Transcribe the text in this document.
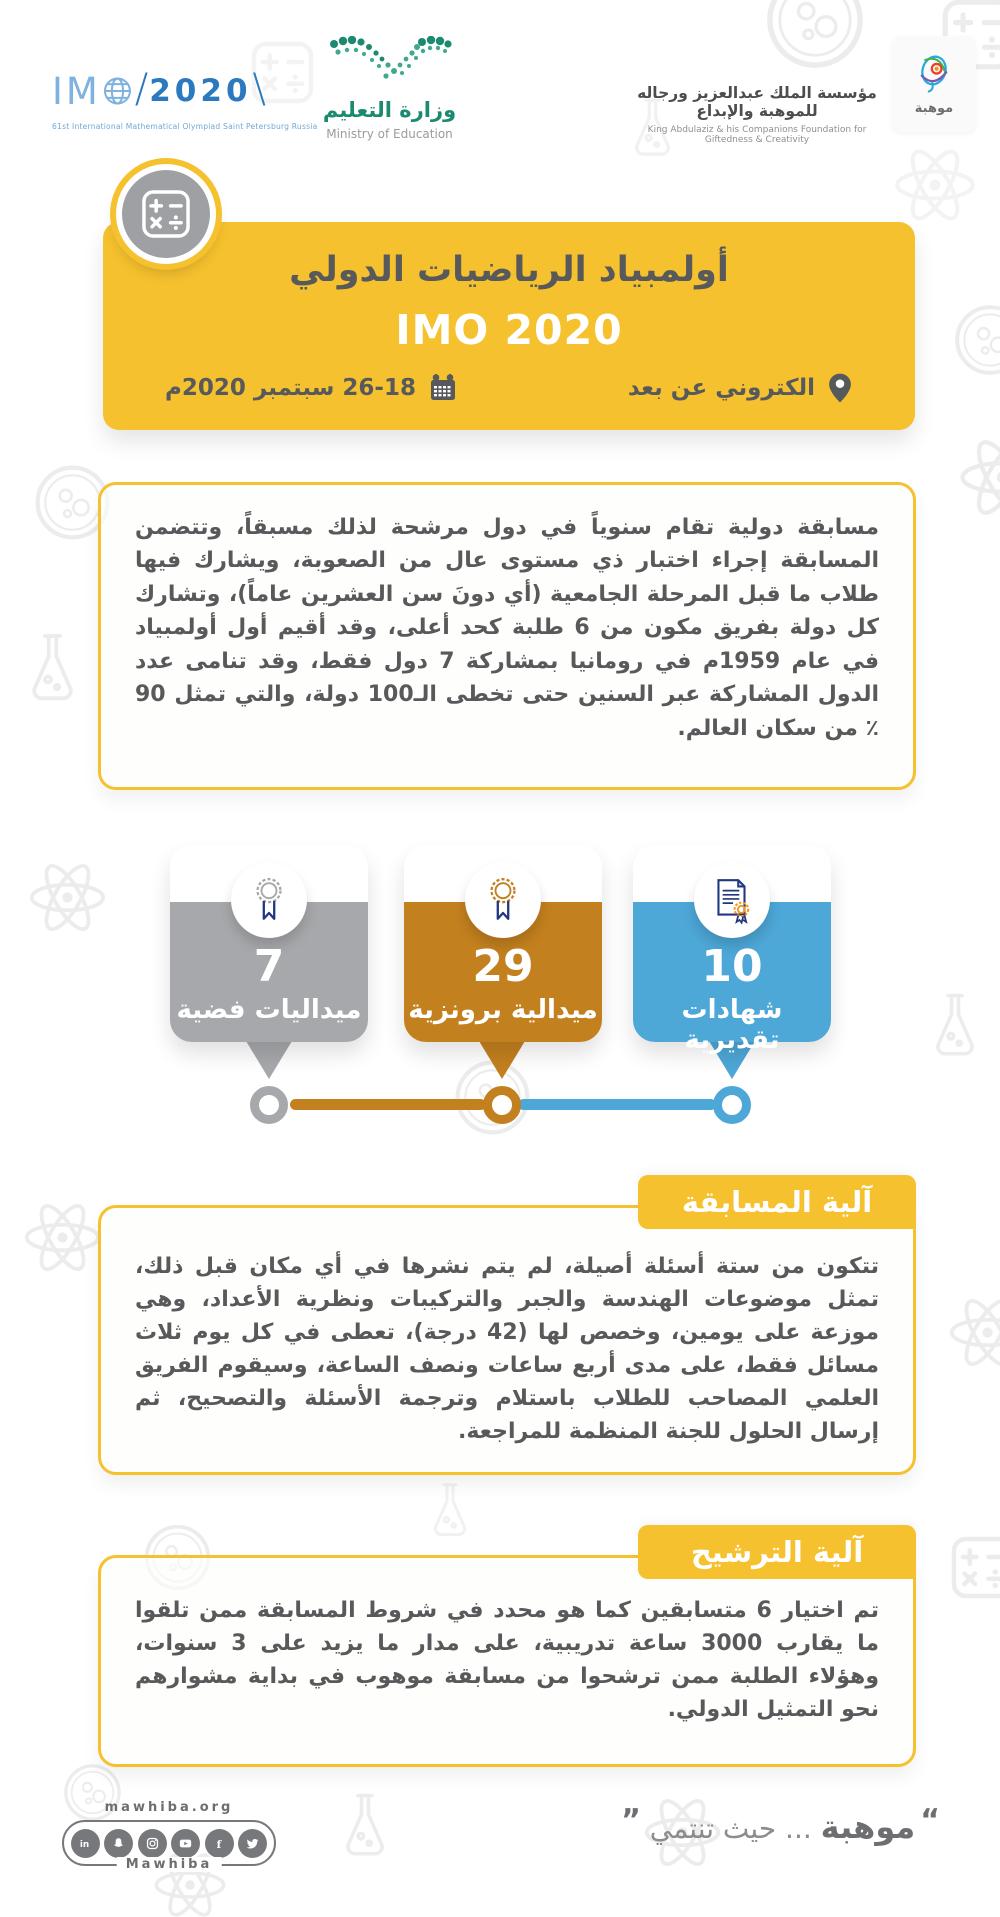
IM / 2020 \
61st International Mathematical Olympiad Saint Petersburg Russia
وزارة التعليم
Ministry of Education
مؤسسة الملك عبدالعزيز ورجاله للموهبة والإبداع
King Abdulaziz & his Companions Foundation for Giftedness & Creativity
موهبة
أولمبياد الرياضيات الدولي
IMO 2020
الكتروني عن بعد
26-18 سبتمبر 2020م
مسابقة دولية تقام سنوياً في دول مرشحة لذلك مسبقاً، وتتضمن المسابقة إجراء اختبار ذي مستوى عال من الصعوبة، ويشارك فيها طلاب ما قبل المرحلة الجامعية (أي دونَ سن العشرين عاماً)، وتشارك كل دولة بفريق مكون من 6 طلبة كحد أعلى، وقد أقيم أول أولمبياد في عام 1959م في رومانيا بمشاركة 7 دول فقط، وقد تنامى عدد الدول المشاركة عبر السنين حتى تخطى الـ100 دولة، والتي تمثل 90 ٪ من سكان العالم.
7
ميداليات فضية
29
ميدالية برونزية
10
شهادات تقديرية
آلية المسابقة
تتكون من ستة أسئلة أصيلة، لم يتم نشرها في أي مكان قبل ذلك، تمثل موضوعات الهندسة والجبر والتركيبات ونظرية الأعداد، وهي موزعة على يومين، وخصص لها (42 درجة)، تعطى في كل يوم ثلاث مسائل فقط، على مدى أربع ساعات ونصف الساعة، وسيقوم الفريق العلمي المصاحب للطلاب باستلام وترجمة الأسئلة والتصحيح، ثم إرسال الحلول للجنة المنظمة للمراجعة.
آلية الترشيح
تم اختيار 6 متسابقين كما هو محدد في شروط المسابقة ممن تلقوا ما يقارب 3000 ساعة تدريبية، على مدار ما يزيد على 3 سنوات، وهؤلاء الطلبة ممن ترشحوا من مسابقة موهوب في بداية مشوارهم نحو التمثيل الدولي.
mawhiba.org
in	f
Mawhiba
“ موهبة ... حيث تنتمي ”
